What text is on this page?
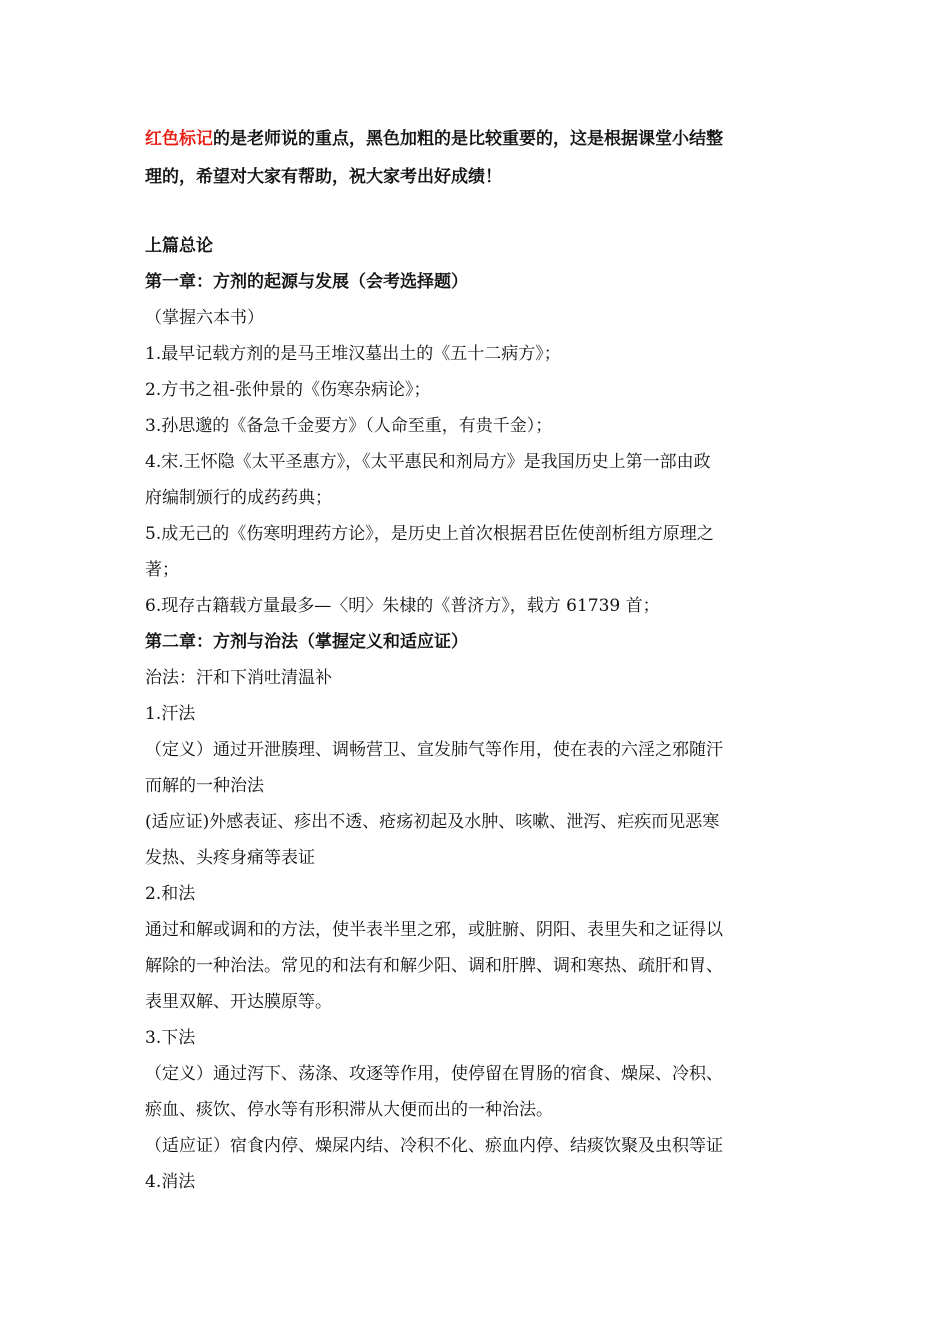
红色标记的是老师说的重点，黑色加粗的是比较重要的，这是根据课堂小结整
理的，希望对大家有帮助，祝大家考出好成绩！
上篇总论
第一章：方剂的起源与发展（会考选择题）
（掌握六本书）
1.最早记载方剂的是马王堆汉墓出土的《五十二病方》；
2.方书之祖-张仲景的《伤寒杂病论》；
3.孙思邈的《备急千金要方》（人命至重，有贵千金）；
4.宋.王怀隐《太平圣惠方》，《太平惠民和剂局方》是我国历史上第一部由政
府编制颁行的成药药典；
5.成无己的《伤寒明理药方论》，是历史上首次根据君臣佐使剖析组方原理之
著；
6.现存古籍载方量最多—〈明〉朱棣的《普济方》，载方 61739 首；
第二章：方剂与治法（掌握定义和适应证）
治法：汗和下消吐清温补
1.汗法
（定义）通过开泄腠理、调畅营卫、宣发肺气等作用，使在表的六淫之邪随汗
而解的一种治法
(适应证)外感表证、疹出不透、疮疡初起及水肿、咳嗽、泄泻、疟疾而见恶寒
发热、头疼身痛等表证
2.和法
通过和解或调和的方法，使半表半里之邪，或脏腑、阴阳、表里失和之证得以
解除的一种治法。常见的和法有和解少阳、调和肝脾、调和寒热、疏肝和胃、
表里双解、开达膜原等。
3.下法
（定义）通过泻下、荡涤、攻逐等作用，使停留在胃肠的宿食、燥屎、冷积、
瘀血、痰饮、停水等有形积滞从大便而出的一种治法。
（适应证）宿食内停、燥屎内结、冷积不化、瘀血内停、结痰饮聚及虫积等证
4.消法
